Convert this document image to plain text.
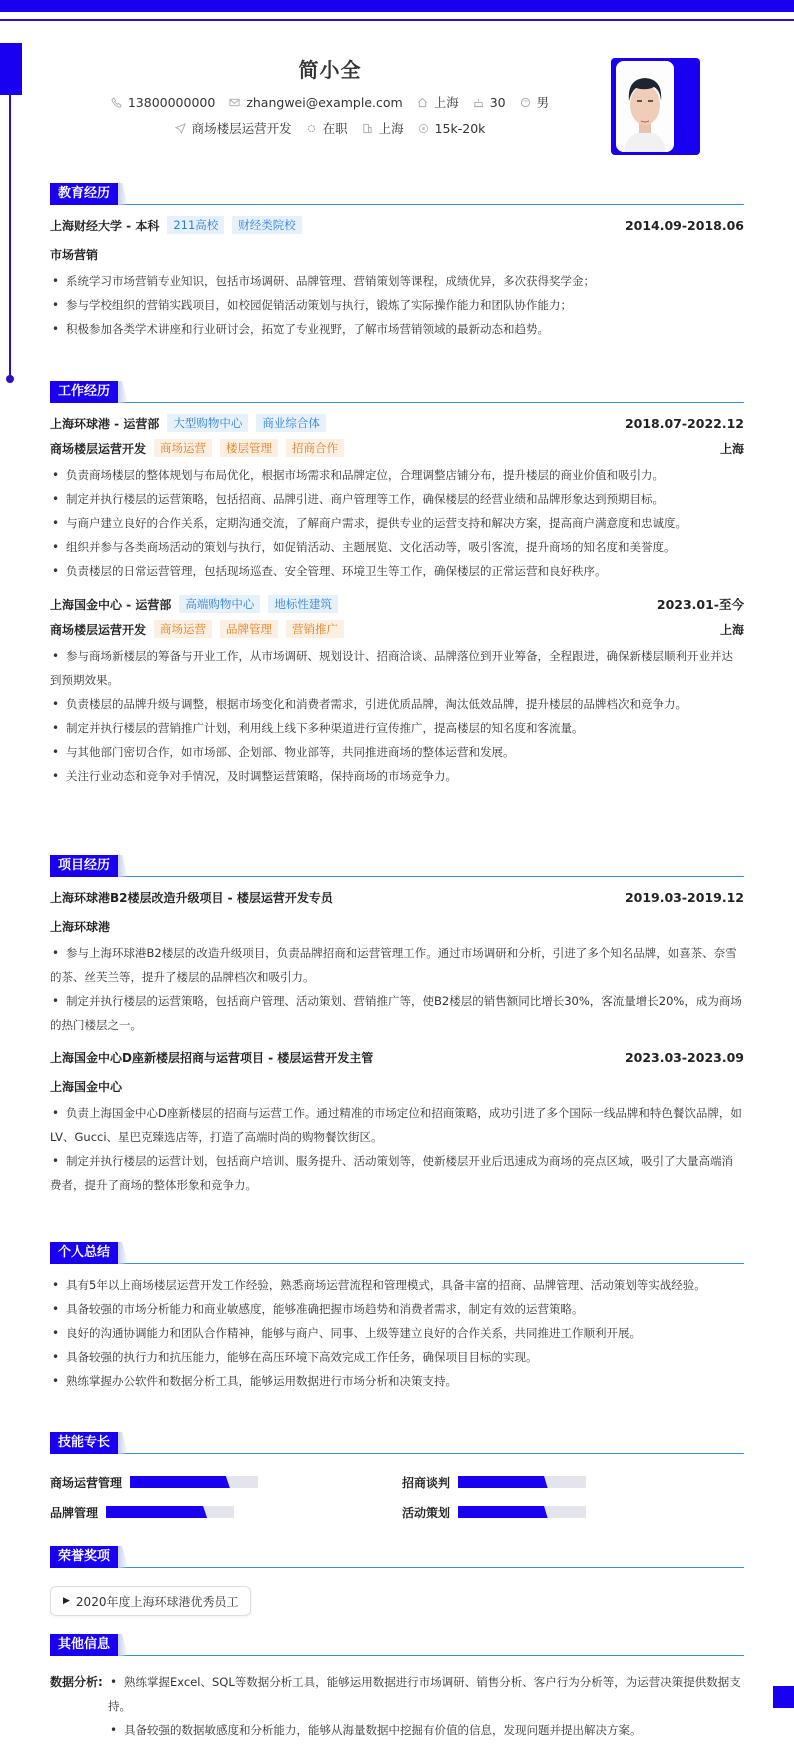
简小全
13800000000 zhangwei@example.com 上海 30 男
商场楼层运营开发 在职 上海 15k-20k
教育经历
上海财经大学 - 本科	211高校	财经类院校	2014.09-2018.06
市场营销
• 系统学习市场营销专业知识，包括市场调研、品牌管理、营销策划等课程，成绩优异，多次获得奖学金；
• 参与学校组织的营销实践项目，如校园促销活动策划与执行，锻炼了实际操作能力和团队协作能力；
• 积极参加各类学术讲座和行业研讨会，拓宽了专业视野，了解市场营销领域的最新动态和趋势。
工作经历
上海环球港 - 运营部	大型购物中心	商业综合体	2018.07-2022.12
商场楼层运营开发	商场运营	楼层管理	招商合作	上海
• 负责商场楼层的整体规划与布局优化，根据市场需求和品牌定位，合理调整店铺分布，提升楼层的商业价值和吸引力。
• 制定并执行楼层的运营策略，包括招商、品牌引进、商户管理等工作，确保楼层的经营业绩和品牌形象达到预期目标。
• 与商户建立良好的合作关系，定期沟通交流，了解商户需求，提供专业的运营支持和解决方案，提高商户满意度和忠诚度。
• 组织并参与各类商场活动的策划与执行，如促销活动、主题展览、文化活动等，吸引客流，提升商场的知名度和美誉度。
• 负责楼层的日常运营管理，包括现场巡查、安全管理、环境卫生等工作，确保楼层的正常运营和良好秩序。
上海国金中心 - 运营部	高端购物中心	地标性建筑	2023.01-至今
商场楼层运营开发	商场运营	品牌管理	营销推广	上海
• 参与商场新楼层的筹备与开业工作，从市场调研、规划设计、招商洽谈、品牌落位到开业筹备，全程跟进，确保新楼层顺利开业并达到预期效果。
• 负责楼层的品牌升级与调整，根据市场变化和消费者需求，引进优质品牌，淘汰低效品牌，提升楼层的品牌档次和竞争力。
• 制定并执行楼层的营销推广计划，利用线上线下多种渠道进行宣传推广，提高楼层的知名度和客流量。
• 与其他部门密切合作，如市场部、企划部、物业部等，共同推进商场的整体运营和发展。
• 关注行业动态和竞争对手情况，及时调整运营策略，保持商场的市场竞争力。
项目经历
上海环球港B2楼层改造升级项目 - 楼层运营开发专员	2019.03-2019.12
上海环球港
• 参与上海环球港B2楼层的改造升级项目，负责品牌招商和运营管理工作。通过市场调研和分析，引进了多个知名品牌，如喜茶、奈雪的茶、丝芙兰等，提升了楼层的品牌档次和吸引力。
• 制定并执行楼层的运营策略，包括商户管理、活动策划、营销推广等，使B2楼层的销售额同比增长30%，客流量增长20%，成为商场的热门楼层之一。
上海国金中心D座新楼层招商与运营项目 - 楼层运营开发主管	2023.03-2023.09
上海国金中心
• 负责上海国金中心D座新楼层的招商与运营工作。通过精准的市场定位和招商策略，成功引进了多个国际一线品牌和特色餐饮品牌，如LV、Gucci、星巴克臻选店等，打造了高端时尚的购物餐饮街区。
• 制定并执行楼层的运营计划，包括商户培训、服务提升、活动策划等，使新楼层开业后迅速成为商场的亮点区域，吸引了大量高端消费者，提升了商场的整体形象和竞争力。
个人总结
• 具有5年以上商场楼层运营开发工作经验，熟悉商场运营流程和管理模式，具备丰富的招商、品牌管理、活动策划等实战经验。
• 具备较强的市场分析能力和商业敏感度，能够准确把握市场趋势和消费者需求，制定有效的运营策略。
• 良好的沟通协调能力和团队合作精神，能够与商户、同事、上级等建立良好的合作关系，共同推进工作顺利开展。
• 具备较强的执行力和抗压能力，能够在高压环境下高效完成工作任务，确保项目目标的实现。
• 熟练掌握办公软件和数据分析工具，能够运用数据进行市场分析和决策支持。
技能专长
商场运营管理	招商谈判
品牌管理	活动策划
荣誉奖项
▶ 2020年度上海环球港优秀员工
其他信息
数据分析:	• 熟练掌握Excel、SQL等数据分析工具，能够运用数据进行市场调研、销售分析、客户行为分析等，为运营决策提供数据支持。
• 具备较强的数据敏感度和分析能力，能够从海量数据中挖掘有价值的信息，发现问题并提出解决方案。
